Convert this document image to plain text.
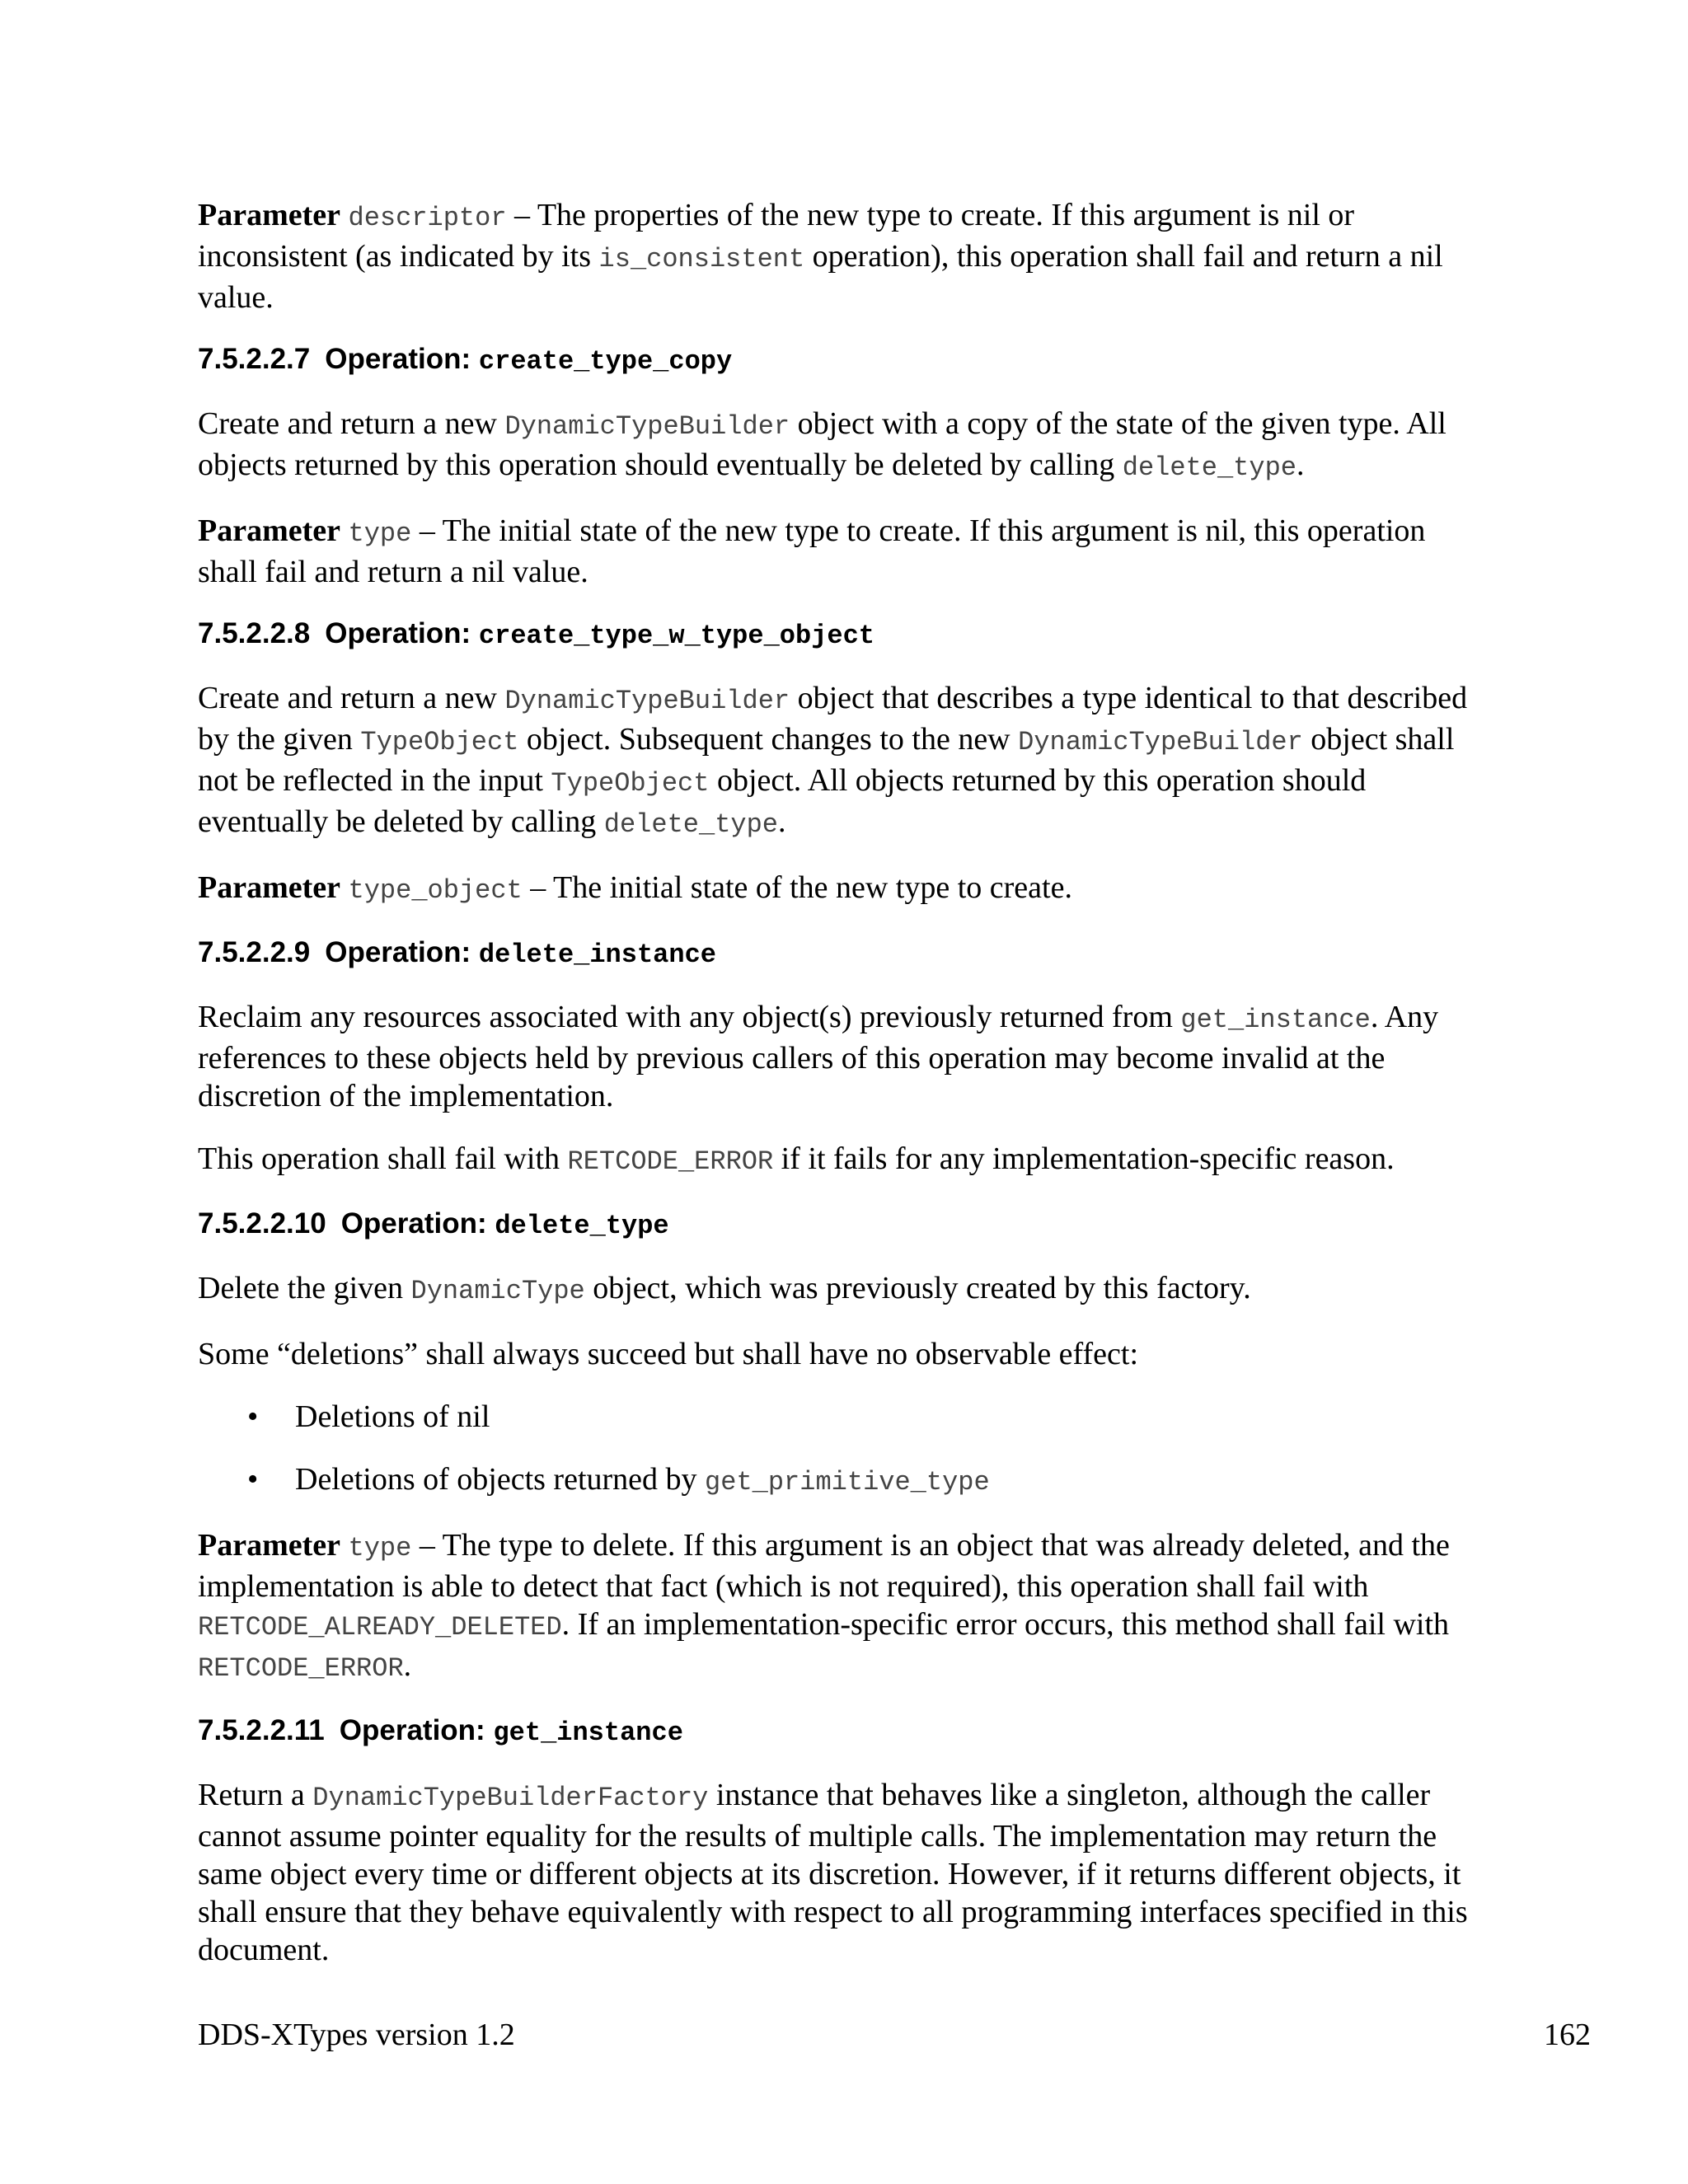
Parameter descriptor – The properties of the new type to create. If this argument is nil or inconsistent (as indicated by its is_consistent operation), this operation shall fail and return a nil value.

7.5.2.2.7 Operation: create_type_copy

Create and return a new DynamicTypeBuilder object with a copy of the state of the given type. All objects returned by this operation should eventually be deleted by calling delete_type.

Parameter type – The initial state of the new type to create. If this argument is nil, this operation shall fail and return a nil value.

7.5.2.2.8 Operation: create_type_w_type_object

Create and return a new DynamicTypeBuilder object that describes a type identical to that described by the given TypeObject object. Subsequent changes to the new DynamicTypeBuilder object shall not be reflected in the input TypeObject object. All objects returned by this operation should eventually be deleted by calling delete_type.

Parameter type_object – The initial state of the new type to create.

7.5.2.2.9 Operation: delete_instance

Reclaim any resources associated with any object(s) previously returned from get_instance. Any references to these objects held by previous callers of this operation may become invalid at the discretion of the implementation.

This operation shall fail with RETCODE_ERROR if it fails for any implementation-specific reason.

7.5.2.2.10 Operation: delete_type

Delete the given DynamicType object, which was previously created by this factory.

Some “deletions” shall always succeed but shall have no observable effect:

• Deletions of nil
• Deletions of objects returned by get_primitive_type

Parameter type – The type to delete. If this argument is an object that was already deleted, and the implementation is able to detect that fact (which is not required), this operation shall fail with RETCODE_ALREADY_DELETED. If an implementation-specific error occurs, this method shall fail with RETCODE_ERROR.

7.5.2.2.11 Operation: get_instance

Return a DynamicTypeBuilderFactory instance that behaves like a singleton, although the caller cannot assume pointer equality for the results of multiple calls. The implementation may return the same object every time or different objects at its discretion. However, if it returns different objects, it shall ensure that they behave equivalently with respect to all programming interfaces specified in this document.

DDS-XTypes version 1.2	162
